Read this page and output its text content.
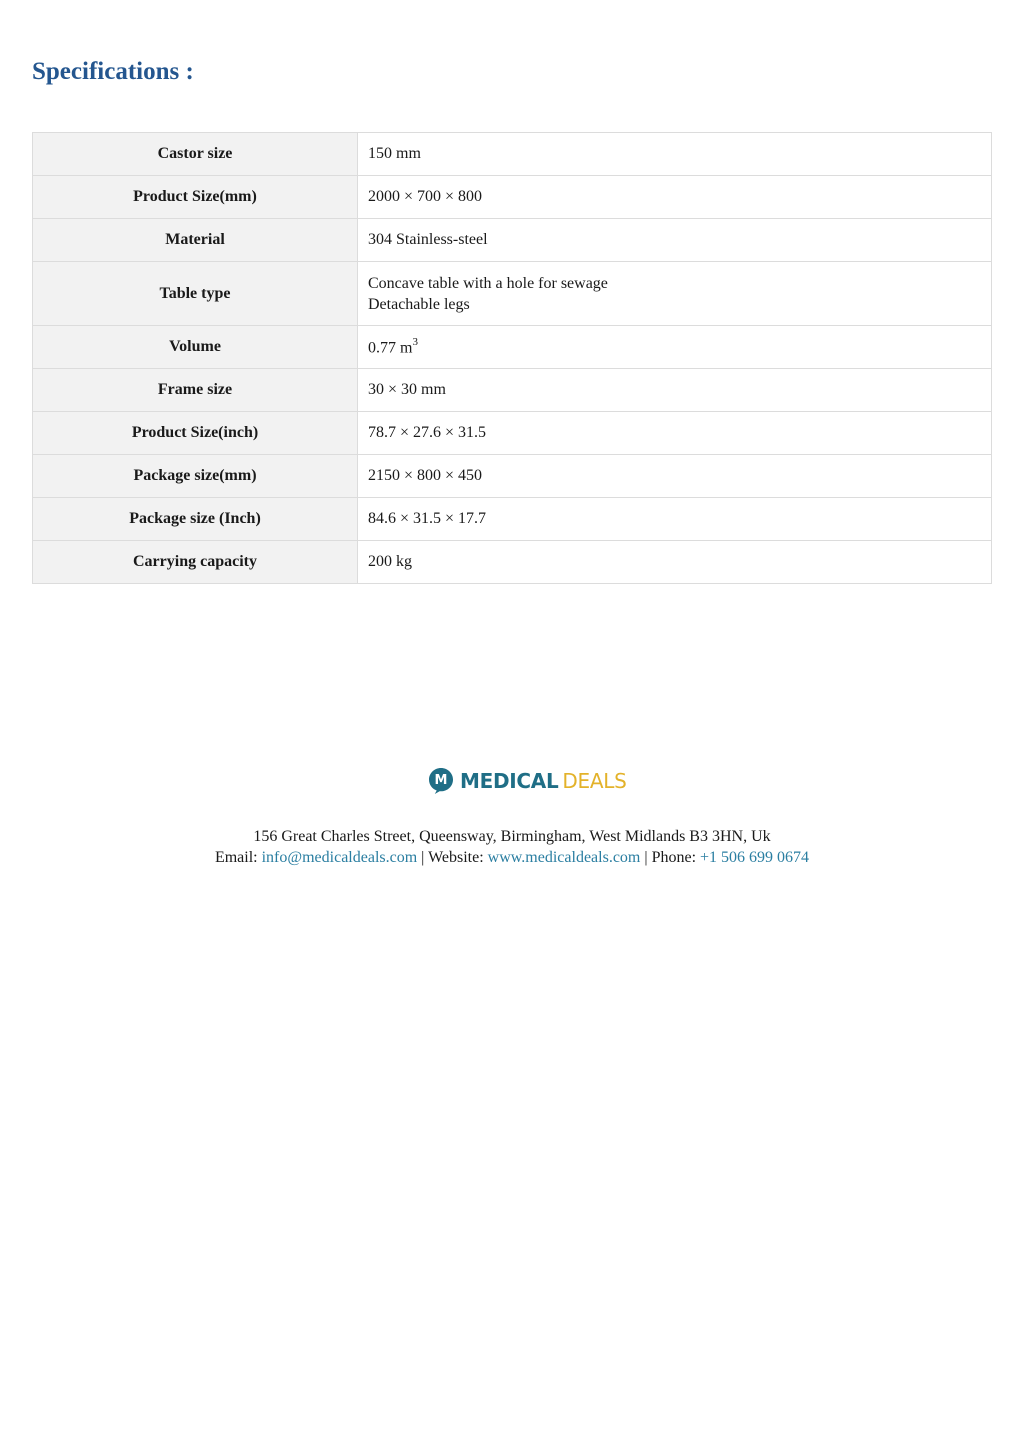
Specifications :
Castor size	150 mm
Product Size(mm)	2000 × 700 × 800
Material	304 Stainless-steel
Table type	Concave table with a hole for sewage
Detachable legs

Volume	0.77 $m^3$
Frame size	30 × 30 mm
Product Size(inch)	78.7 × 27.6 × 31.5
Package size(mm)	2150 × 800 × 450
Package size (Inch)	84.6 × 31.5 × 17.7
Carrying capacity	200 kg
M MEDICAL DEALS
156 Great Charles Street, Queensway, Birmingham, West Midlands B3 3HN, Uk
Email: info@medicaldeals.com | Website: www.medicaldeals.com | Phone: +1 506 699 0674
